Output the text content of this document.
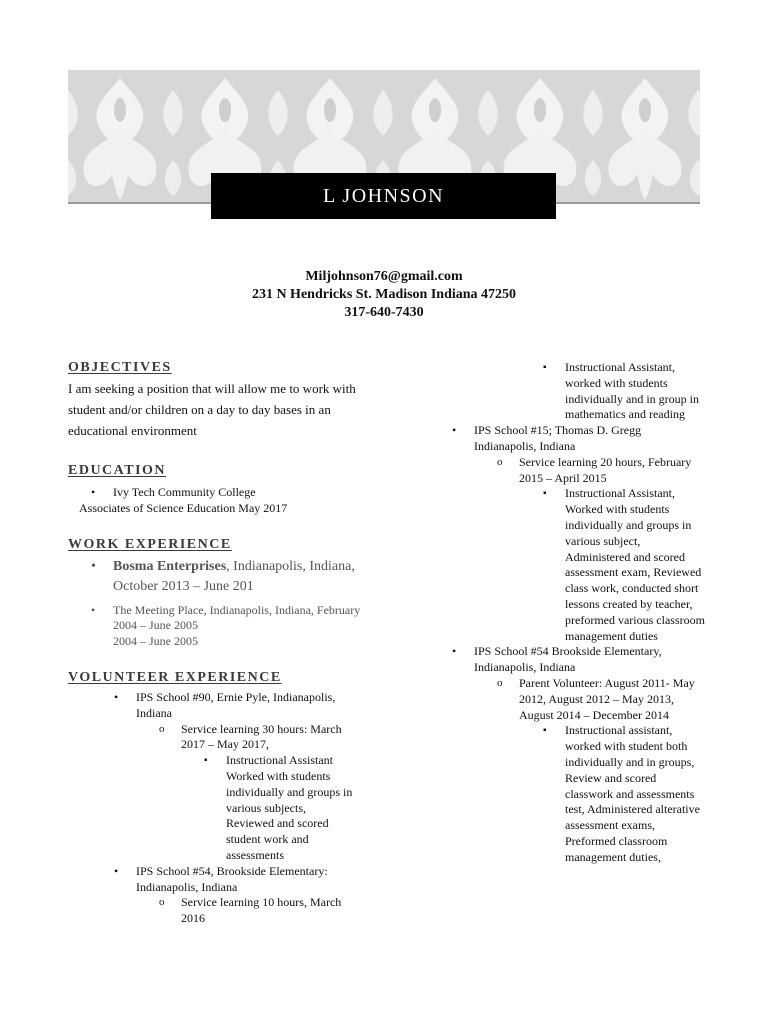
L JOHNSON
Miljohnson76@gmail.com
231 N Hendricks St. Madison Indiana 47250
317-640-7430

OBJECTIVES

I am seeking a position that will allow me to work with student and/or children on a day to day bases in an educational environment

EDUCATION

• Ivy Tech Community College
Associates of Science Education May 2017

WORK EXPERIENCE

• Bosma Enterprises, Indianapolis, Indiana, October 2013 – June 201
• The Meeting Place, Indianapolis, Indiana, February 2004 – June 2005
2004 – June 2005

VOLUNTEER EXPERIENCE

• IPS School #90, Ernie Pyle, Indianapolis, Indiana
o Service learning 30 hours: March 2017 – May 2017,
▪ Instructional Assistant Worked with students individually and groups in various subjects, Reviewed and scored student work and assessments
• IPS School #54, Brookside Elementary: Indianapolis, Indiana
o Service learning 10 hours, March 2016
▪ Instructional Assistant, worked with students individually and in group in mathematics and reading
• IPS School #15; Thomas D. Gregg Indianapolis, Indiana
o Service learning 20 hours, February 2015 – April 2015
▪ Instructional Assistant, Worked with students individually and groups in various subject, Administered and scored assessment exam, Reviewed class work, conducted short lessons created by teacher, preformed various classroom management duties
• IPS School #54 Brookside Elementary, Indianapolis, Indiana
o Parent Volunteer: August 2011- May 2012, August 2012 – May 2013, August 2014 – December 2014
▪ Instructional assistant, worked with student both individually and in groups, Review and scored classwork and assessments test, Administered alterative assessment exams, Preformed classroom management duties,
